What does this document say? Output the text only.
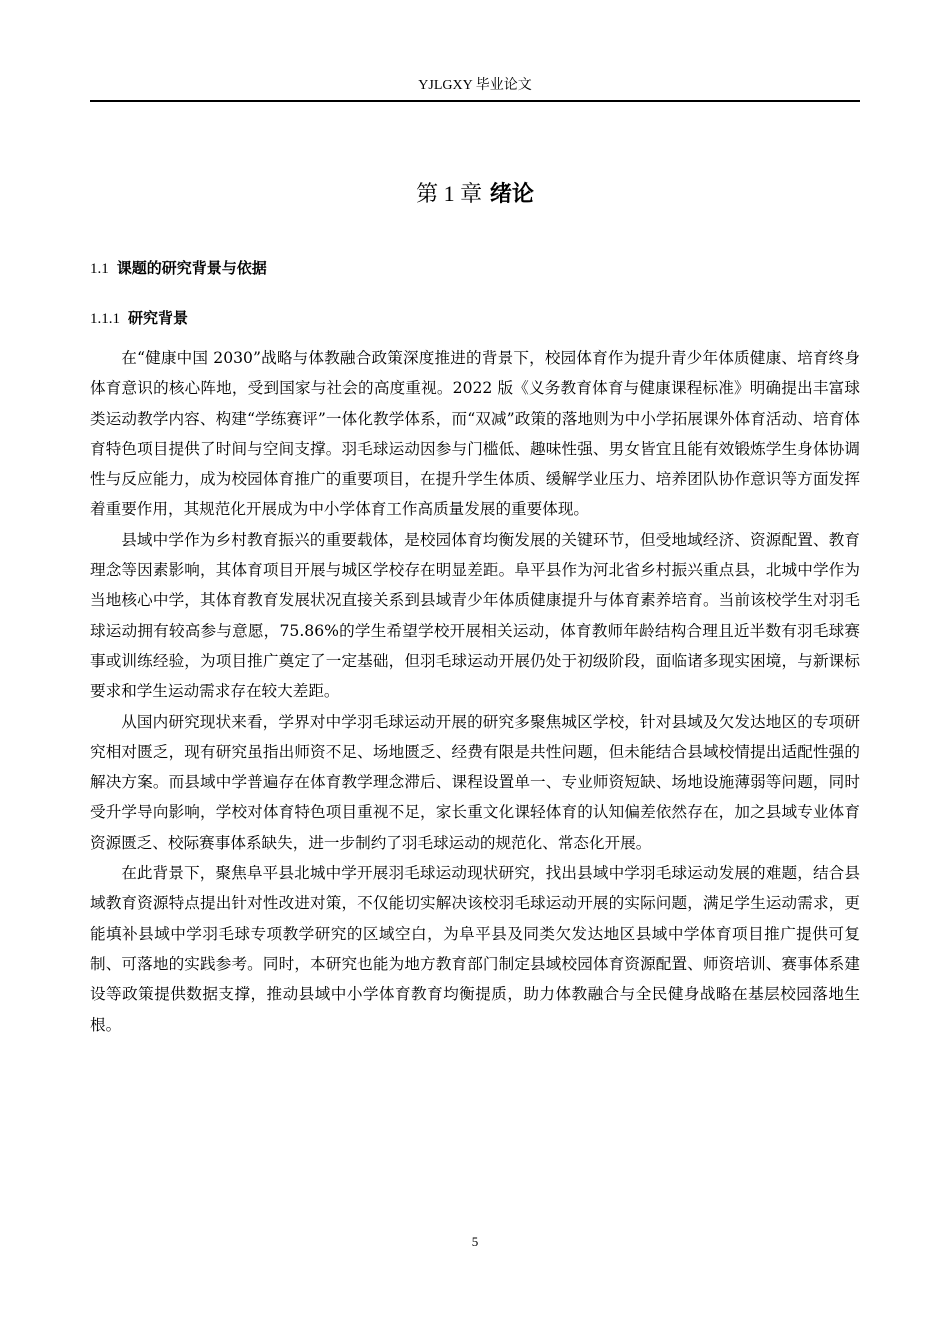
YJLGXY 毕业论文
第 1 章 绪论
1.1 课题的研究背景与依据
1.1.1 研究背景

在“健康中国 2030”战略与体教融合政策深度推进的背景下，校园体育作为提升青少年体质健康、培育终身体育意识的核心阵地，受到国家与社会的高度重视。2022 版《义务教育体育与健康课程标准》明确提出丰富球类运动教学内容、构建“学练赛评”一体化教学体系，而“双减”政策的落地则为中小学拓展课外体育活动、培育体育特色项目提供了时间与空间支撑。羽毛球运动因参与门槛低、趣味性强、男女皆宜且能有效锻炼学生身体协调性与反应能力，成为校园体育推广的重要项目，在提升学生体质、缓解学业压力、培养团队协作意识等方面发挥着重要作用，其规范化开展成为中小学体育工作高质量发展的重要体现。

县域中学作为乡村教育振兴的重要载体，是校园体育均衡发展的关键环节，但受地域经济、资源配置、教育理念等因素影响，其体育项目开展与城区学校存在明显差距。阜平县作为河北省乡村振兴重点县，北城中学作为当地核心中学，其体育教育发展状况直接关系到县域青少年体质健康提升与体育素养培育。当前该校学生对羽毛球运动拥有较高参与意愿，75.86%的学生希望学校开展相关运动，体育教师年龄结构合理且近半数有羽毛球赛事或训练经验，为项目推广奠定了一定基础，但羽毛球运动开展仍处于初级阶段，面临诸多现实困境，与新课标要求和学生运动需求存在较大差距。

从国内研究现状来看，学界对中学羽毛球运动开展的研究多聚焦城区学校，针对县域及欠发达地区的专项研究相对匮乏，现有研究虽指出师资不足、场地匮乏、经费有限是共性问题，但未能结合县域校情提出适配性强的解决方案。而县域中学普遍存在体育教学理念滞后、课程设置单一、专业师资短缺、场地设施薄弱等问题，同时受升学导向影响，学校对体育特色项目重视不足，家长重文化课轻体育的认知偏差依然存在，加之县域专业体育资源匮乏、校际赛事体系缺失，进一步制约了羽毛球运动的规范化、常态化开展。

在此背景下，聚焦阜平县北城中学开展羽毛球运动现状研究，找出县域中学羽毛球运动发展的难题，结合县域教育资源特点提出针对性改进对策，不仅能切实解决该校羽毛球运动开展的实际问题，满足学生运动需求，更能填补县域中学羽毛球专项教学研究的区域空白，为阜平县及同类欠发达地区县域中学体育项目推广提供可复制、可落地的实践参考。同时，本研究也能为地方教育部门制定县域校园体育资源配置、师资培训、赛事体系建设等政策提供数据支撑，推动县域中小学体育教育均衡提质，助力体教融合与全民健身战略在基层校园落地生根。

5
